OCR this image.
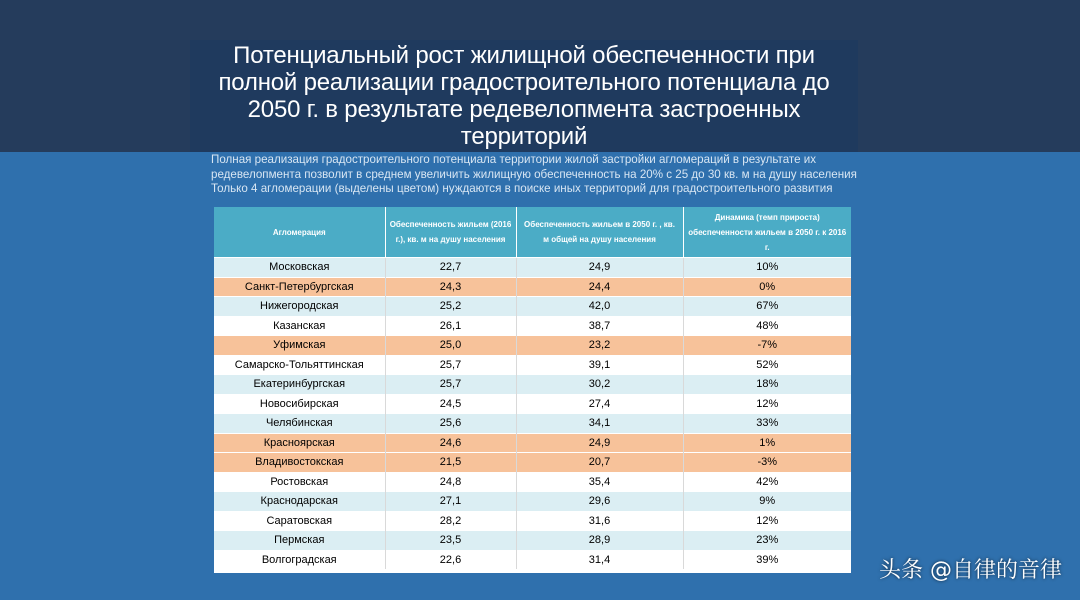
Потенциальный рост жилищной обеспеченности при
полной реализации градостроительного потенциала до
2050 г. в результате редевелопмента застроенных
территорий
Полная реализация градостроительного потенциала территории жилой застройки агломераций в результате их
редевелопмента позволит в среднем увеличить жилищную обеспеченность на 20% с 25 до 30 кв. м на душу населения
Только 4 агломерации (выделены цветом) нуждаются в поиске иных территорий для градостроительного развития
Агломерация	Обеспеченность жильем (2016 г.), кв. м на душу населения	Обеспеченность жильем в 2050 г. , кв. м общей на душу населения	Динамика (темп прироста) обеспеченности жильем в 2050 г. к 2016 г.
Московская	22,7	24,9	10%
Санкт-Петербургская	24,3	24,4	0%
Нижегородская	25,2	42,0	67%
Казанская	26,1	38,7	48%
Уфимская	25,0	23,2	-7%
Самарско-Тольяттинская	25,7	39,1	52%
Екатеринбургская	25,7	30,2	18%
Новосибирская	24,5	27,4	12%
Челябинская	25,6	34,1	33%
Красноярская	24,6	24,9	1%
Владивостокская	21,5	20,7	-3%
Ростовская	24,8	35,4	42%
Краснодарская	27,1	29,6	9%
Саратовская	28,2	31,6	12%
Пермская	23,5	28,9	23%
Волгоградская	22,6	31,4	39%	头条 @自律的音律
